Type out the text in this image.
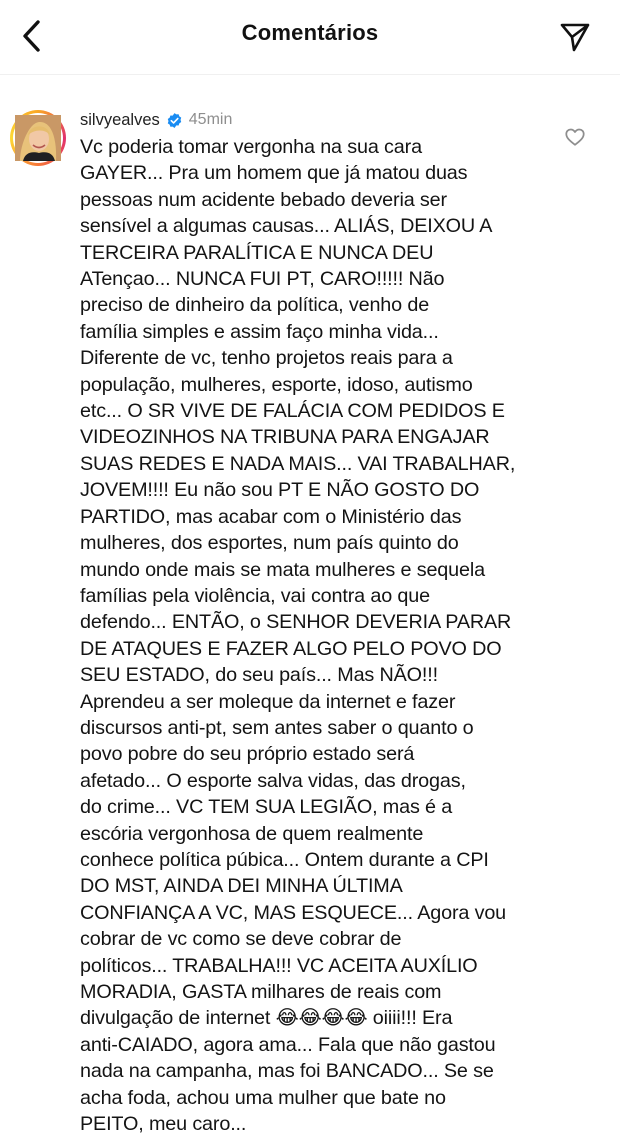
Comentários
silvyealves 45min
Vc poderia tomar vergonha na sua cara
GAYER... Pra um homem que já matou duas
pessoas num acidente bebado deveria ser
sensível a algumas causas... ALIÁS, DEIXOU A
TERCEIRA PARALÍTICA E NUNCA DEU
ATençao... NUNCA FUI PT, CARO!!!!! Não
preciso de dinheiro da política, venho de
família simples e assim faço minha vida...
Diferente de vc, tenho projetos reais para a
população, mulheres, esporte, idoso, autismo
etc... O SR VIVE DE FALÁCIA COM PEDIDOS E
VIDEOZINHOS NA TRIBUNA PARA ENGAJAR
SUAS REDES E NADA MAIS... VAI TRABALHAR,
JOVEM!!!! Eu não sou PT E NÃO GOSTO DO
PARTIDO, mas acabar com o Ministério das
mulheres, dos esportes, num país quinto do
mundo onde mais se mata mulheres e sequela
famílias pela violência, vai contra ao que
defendo... ENTÃO, o SENHOR DEVERIA PARAR
DE ATAQUES E FAZER ALGO PELO POVO DO
SEU ESTADO, do seu país... Mas NÃO!!!
Aprendeu a ser moleque da internet e fazer
discursos anti-pt, sem antes saber o quanto o
povo pobre do seu próprio estado será
afetado... O esporte salva vidas, das drogas,
do crime... VC TEM SUA LEGIÃO, mas é a
escória vergonhosa de quem realmente
conhece política púbica... Ontem durante a CPI
DO MST, AINDA DEI MINHA ÚLTIMA
CONFIANÇA A VC, MAS ESQUECE... Agora vou
cobrar de vc como se deve cobrar de
políticos... TRABALHA!!! VC ACEITA AUXÍLIO
MORADIA, GASTA milhares de reais com
divulgação de internet 😂😂😂😂 oiiii!!! Era
anti-CAIADO, agora ama... Fala que não gastou
nada na campanha, mas foi BANCADO... Se se
acha foda, achou uma mulher que bate no
PEITO, meu caro...
